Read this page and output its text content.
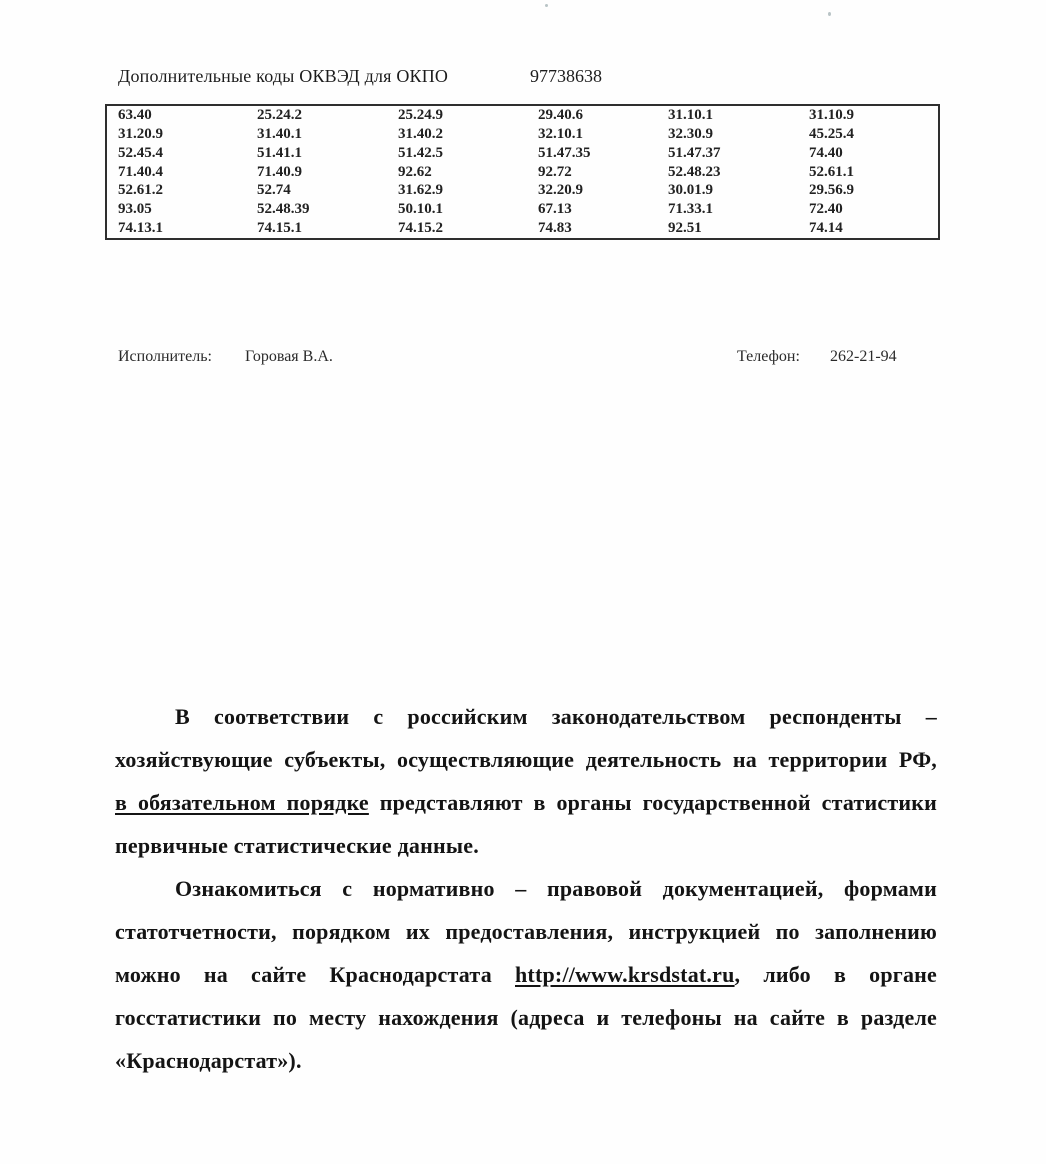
Дополнительные коды ОКВЭД для ОКПО	97738638
63.40	25.24.2	25.24.9	29.40.6	31.10.1	31.10.9
31.20.9	31.40.1	31.40.2	32.10.1	32.30.9	45.25.4
52.45.4	51.41.1	51.42.5	51.47.35	51.47.37	74.40
71.40.4	71.40.9	92.62	92.72	52.48.23	52.61.1
52.61.2	52.74	31.62.9	32.20.9	30.01.9	29.56.9
93.05	52.48.39	50.10.1	67.13	71.33.1	72.40
74.13.1	74.15.1	74.15.2	74.83	92.51	74.14
Исполнитель: Горовая В.А.	Телефон: 262-21-94
В соответствии с российским законодательством респонденты –
хозяйствующие субъекты, осуществляющие деятельность на территории РФ,
в обязательном порядке представляют в органы государственной статистики
первичные статистические данные.
Ознакомиться с нормативно – правовой документацией, формами
статотчетности, порядком их предоставления, инструкцией по заполнению
можно на сайте Краснодарстата http://www.krsdstat.ru, либо в органе
госстатистики по месту нахождения (адреса и телефоны на сайте в разделе
«Краснодарстат»).
